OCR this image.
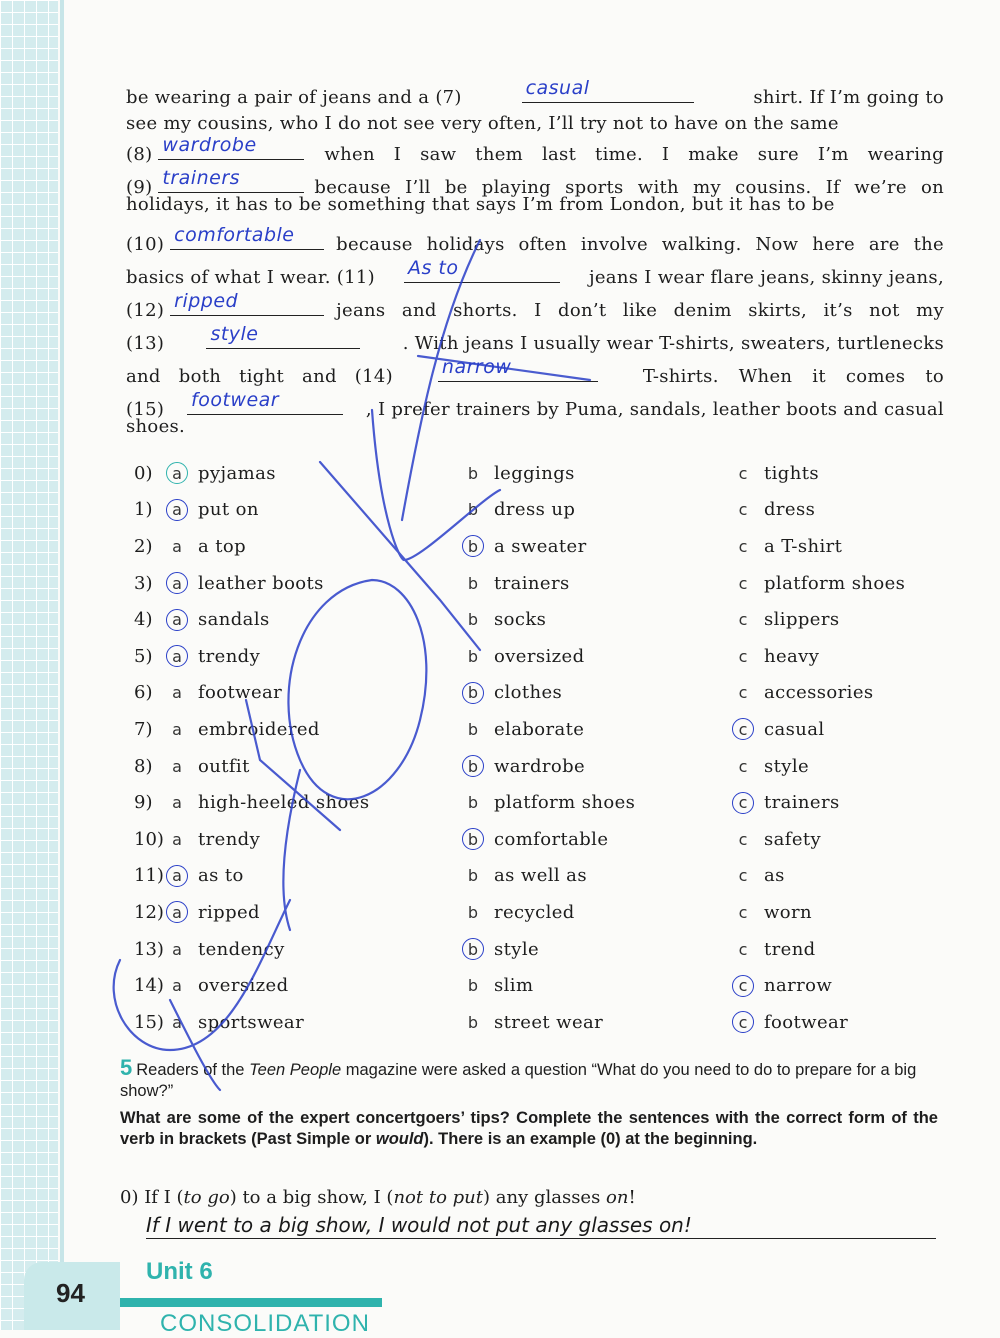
be wearing a pair of jeans and a (7)	casual	shirt. If I’m going to
see my cousins, who I do not see very often, I’ll try not to have on the same
(8) wardrobe	when I saw them last time. I make sure I’m wearing
(9) trainers	because I’ll be playing sports with my cousins. If we’re on
holidays, it has to be something that says I’m from London, but it has to be
(10) comfortable because holidays often involve walking. Now here are the
basics of what I wear. (11) As to	jeans I wear flare jeans, skinny jeans,
(12) ripped	jeans and shorts. I don’t like denim skirts, it’s not my
(13) style	. With jeans I usually wear T-shirts, sweaters, turtlenecks
and both tight and (14)	narrow	T-shirts. When it comes to
(15) footwear	, I prefer trainers by Puma, sandals, leather boots and casual
shoes.
0)	a pyjamas	b leggings	c tights
1)	a put on	b dress up	c dress
2)	a a top	b a sweater	c a T-shirt
3)	a leather boots	b trainers	c platform shoes
4)	a sandals	b socks	c slippers
5)	a trendy	b oversized	c heavy
6)	a footwear	b clothes	c accessories
7)	a embroidered	b elaborate	c casual
8)	a outfit	b wardrobe	c style
9)	a high-heeled shoes	b platform shoes	c trainers
10) a trendy	b comfortable	c safety
11) a as to	b as well as	c as
12) a ripped	b recycled	c worn
13) a tendency	b style	c trend
14) a oversized	b slim	c narrow
15) a sportswear	b street wear	c footwear
5 Readers of the Teen People magazine were asked a question “What do you need to do to prepare for a big show?”
What are some of the expert concertgoers’ tips? Complete the sentences with the correct form of the verb in brackets (Past Simple or would). There is an example (0) at the beginning.
0) If I (to go) to a big show, I (not to put) any glasses on!
If I went to a big show, I would not put any glasses on!
94
Unit 6
CONSOLIDATION
